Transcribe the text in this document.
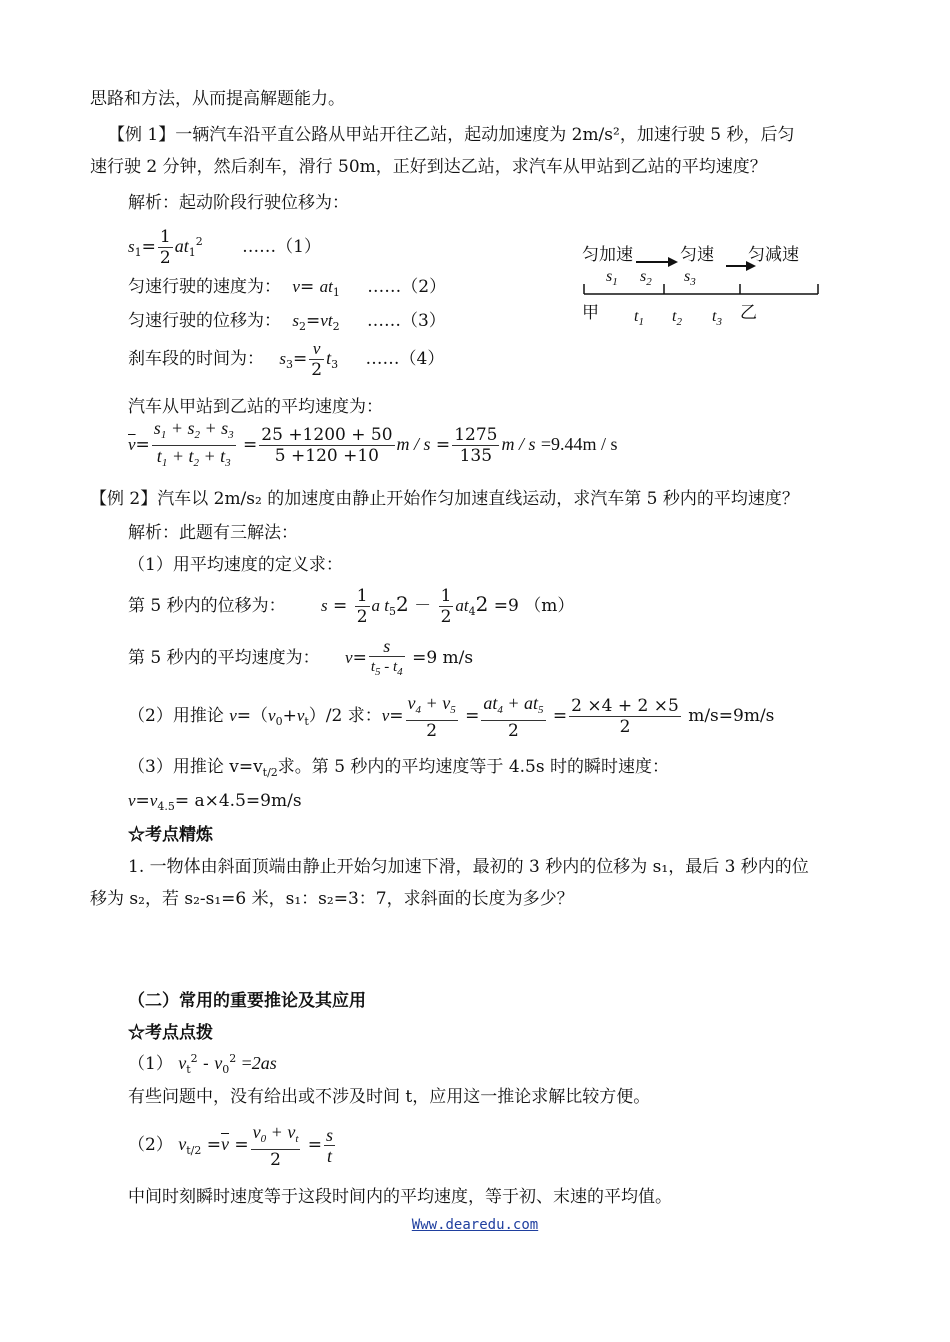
思路和方法，从而提高解题能力。
【例 1】一辆汽车沿平直公路从甲站开往乙站，起动加速度为 2m/s²，加速行驶 5 秒，后匀
速行驶 2 分钟，然后刹车，滑行 50m，正好到达乙站，求汽车从甲站到乙站的平均速度？
解析：起动阶段行驶位移为：
$s_1= \frac{1}{2} at_1^2$ ……（1）
匀速行驶的速度为： $v= at_1$ ……（2）
匀速行驶的位移为： $s_2=vt_2$ ……（3）
刹车段的时间为： $s_3= \frac{v}{2} t_3$ ……（4）
汽车从甲站到乙站的平均速度为：
$\overline{v}= \frac{s_1 + s_2 + s_3}{t_1 + t_2 + t_3} = \frac{25 +1200 + 50}{5 +120 +10}$ $m / s = \frac{1275}{135}$ m / s =9.44m / s
匀加速	匀速 匀减速
$s_1$ $s_2$ $s_3$
甲 $t_1$ $t_2$ $t_3$ 乙
【例 2】汽车以 2m/s₂ 的加速度由静止开始作匀加速直线运动，求汽车第 5 秒内的平均速度？
解析：此题有三解法：
（1）用平均速度的定义求：
第 5 秒内的位移为： $s = \frac{1}{2}$ a $t_52 - \frac{1}{2} at_42 =9$ （m）
第 5 秒内的平均速度为： $v= \frac{s}{t_5 - t_4} =9$ m/s
（2）用推论 $v=(v_0+v_t)/2$ 求：$v= \frac{v_4 + v_5}{2} = \frac{at_4 + at_5}{2} = \frac{2 \times 4 + 2 \times 5}{2} m/s=9m/s$
（3）用推论 $v=v_{t/2}$求。第 5 秒内的平均速度等于 4.5s 时的瞬时速度：
$v=v_{4.5}= a\times 4.5=9m/s$
☆考点精炼
1. 一物体由斜面顶端由静止开始匀加速下滑，最初的 3 秒内的位移为 s₁，最后 3 秒内的位
移为 s₂，若 s₂-s₁=6 米，s₁：s₂=3：7，求斜面的长度为多少？
（二）常用的重要推论及其应用
☆考点点拨
（1） $v_t^2 - v_0^2 =2as$
有些问题中，没有给出或不涉及时间 t，应用这一推论求解比较方便。
（2） $v_{t/2} =\overline{v} = \frac{v_0 + v_t}{2} = \frac{s}{t}$
中间时刻瞬时速度等于这段时间内的平均速度，等于初、末速的平均值。
Www.dearedu.com
